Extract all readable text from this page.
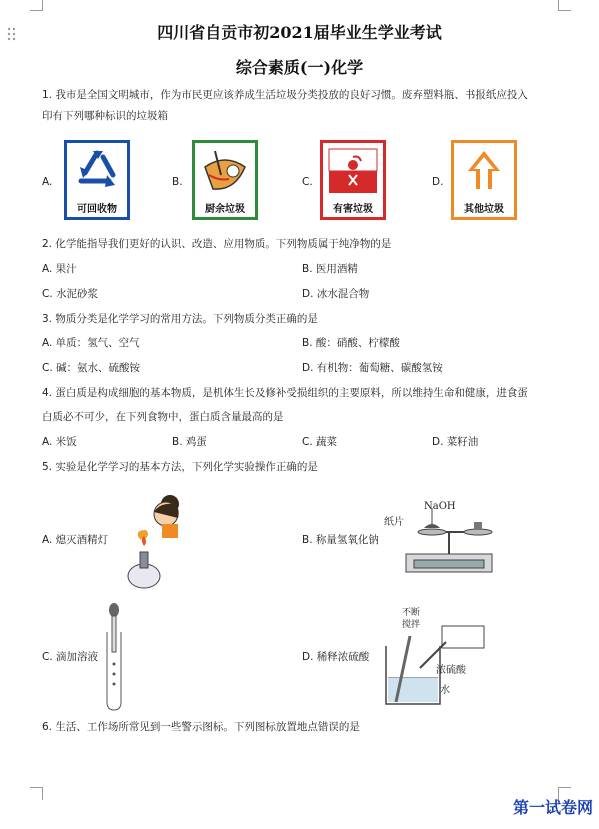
四川省自贡市初2021届毕业生学业考试
综合素质(一)化学
1. 我市是全国文明城市，作为市民更应该养成生活垃圾分类投放的良好习惯。废弃塑料瓶、书报纸应投入
印有下列哪种标识的垃圾箱
A.
可回收物
B.
厨余垃圾
C.
有害垃圾
D.
其他垃圾
2. 化学能指导我们更好的认识、改造、应用物质。下列物质属于纯净物的是
A. 果汁	B. 医用酒精
C. 水泥砂浆	D. 冰水混合物
3. 物质分类是化学学习的常用方法。下列物质分类正确的是
A. 单质：氢气、空气	B. 酸：硝酸、柠檬酸
C. 碱：氨水、硫酸铵	D. 有机物：葡萄糖、碳酸氢铵
4. 蛋白质是构成细胞的基本物质，是机体生长及修补受损组织的主要原料，所以维持生命和健康，进食蛋
白质必不可少，在下列食物中，蛋白质含量最高的是
A. 米饭	B. 鸡蛋	C. 蔬菜	D. 菜籽油
5. 实验是化学学习的基本方法，下列化学实验操作正确的是
A. 熄灭酒精灯	B. 称量氢氧化钠
NaOH
纸片
C. 滴加溶液	D. 稀释浓硫酸
不断
搅拌
浓硫酸
水
6. 生活、工作场所常见到一些警示图标。下列图标放置地点错误的是
第一试卷网
